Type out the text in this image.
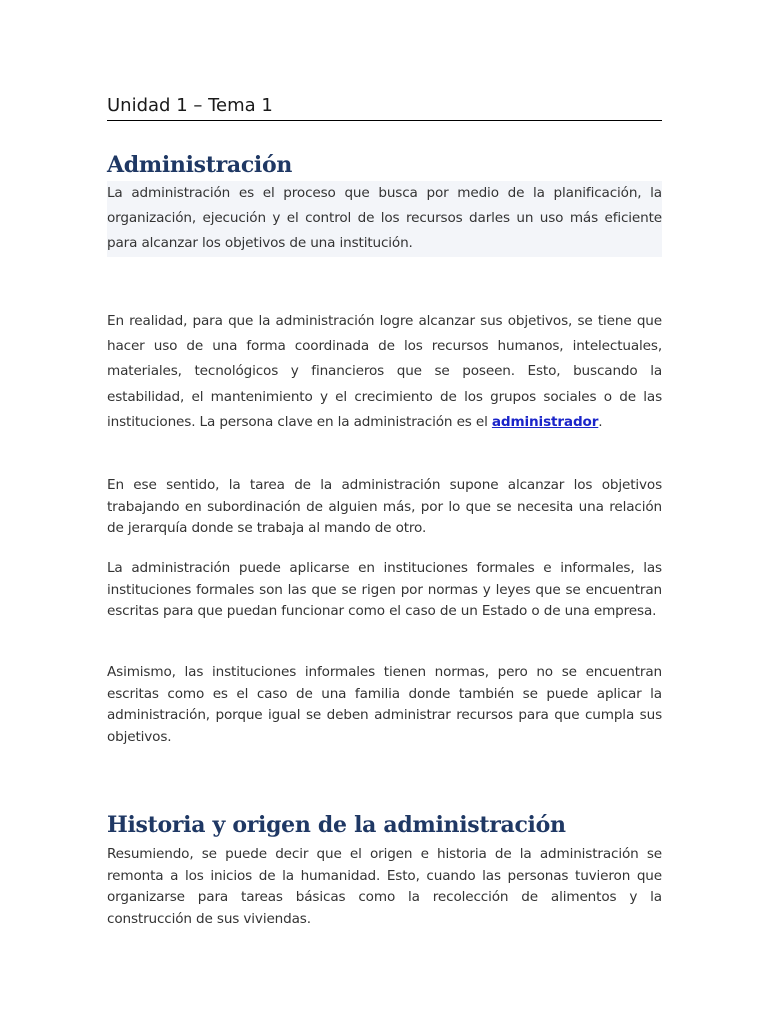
Unidad 1 – Tema 1
Administración
La administración es el proceso que busca por medio de la planificación, la organización, ejecución y el control de los recursos darles un uso más eficiente para alcanzar los objetivos de una institución.
En realidad, para que la administración logre alcanzar sus objetivos, se tiene que hacer uso de una forma coordinada de los recursos humanos, intelectuales, materiales, tecnológicos y financieros que se poseen. Esto, buscando la estabilidad, el mantenimiento y el crecimiento de los grupos sociales o de las instituciones. La persona clave en la administración es el administrador.
En ese sentido, la tarea de la administración supone alcanzar los objetivos trabajando en subordinación de alguien más, por lo que se necesita una relación de jerarquía donde se trabaja al mando de otro.
La administración puede aplicarse en instituciones formales e informales, las instituciones formales son las que se rigen por normas y leyes que se encuentran escritas para que puedan funcionar como el caso de un Estado o de una empresa.
Asimismo, las instituciones informales tienen normas, pero no se encuentran escritas como es el caso de una familia donde también se puede aplicar la administración, porque igual se deben administrar recursos para que cumpla sus objetivos.
Historia y origen de la administración
Resumiendo, se puede decir que el origen e historia de la administración se remonta a los inicios de la humanidad. Esto, cuando las personas tuvieron que organizarse para tareas básicas como la recolección de alimentos y la construcción de sus viviendas.
